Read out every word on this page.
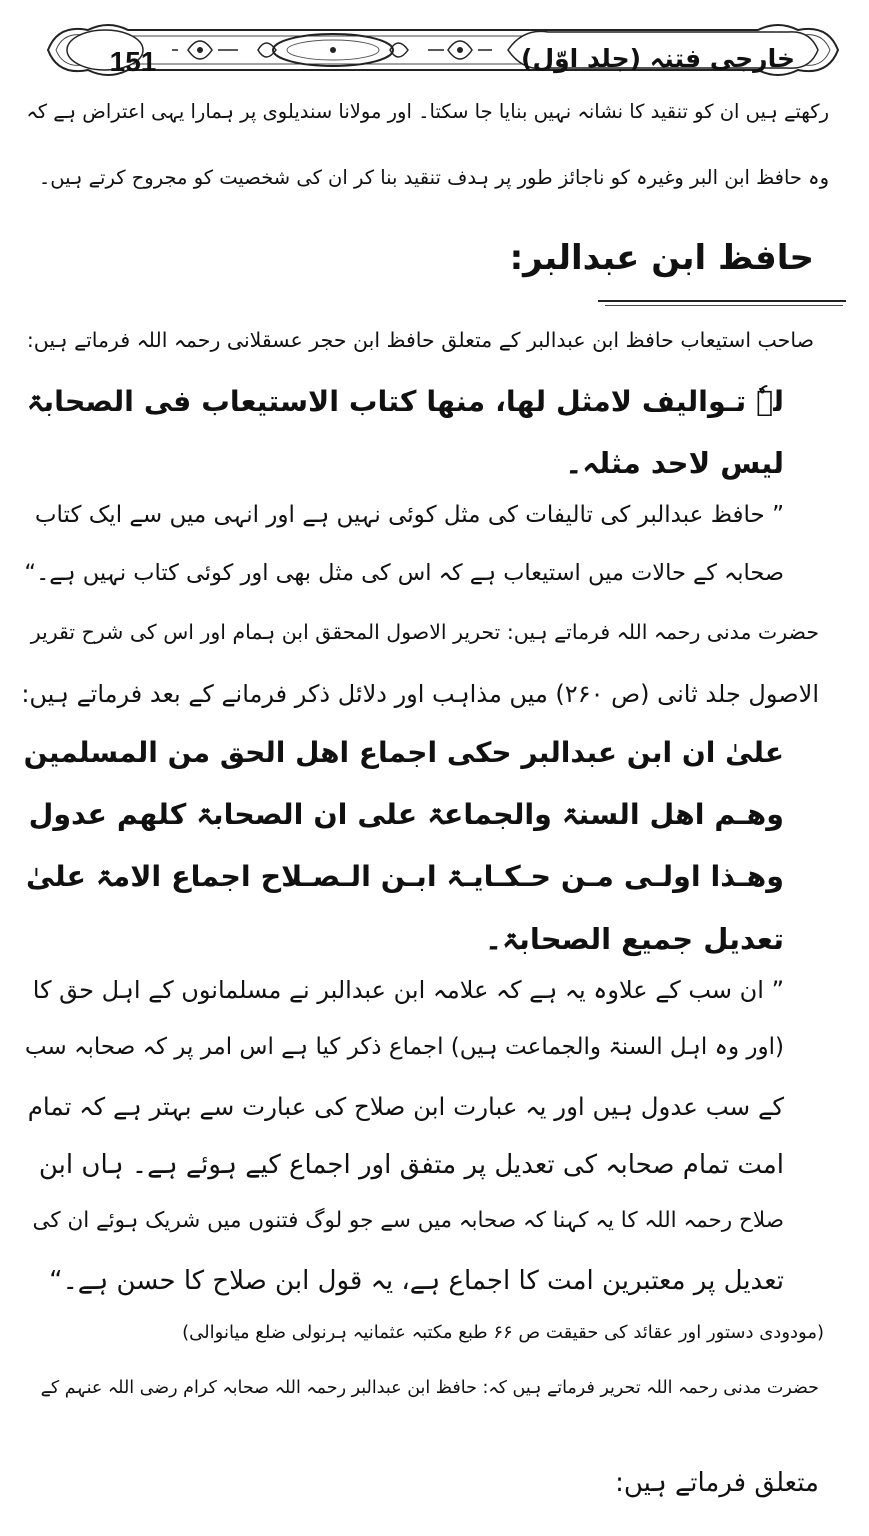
151	خارجی فتنہ (جلد اوّل)
رکھتے ہیں ان کو تنقید کا نشانہ نہیں بنایا جا سکتا۔ اور مولانا سندیلوی پر ہمارا یہی اعتراض ہے کہ
وہ حافظ ابن البر وغیرہ کو ناجائز طور پر ہدف تنقید بنا کر ان کی شخصیت کو مجروح کرتے ہیں۔
حافظ ابن عبدالبر:
صاحب استیعاب حافظ ابن عبدالبر کے متعلق حافظ ابن حجر عسقلانی رحمہ اللہ فرماتے ہیں:
لہٗ تـوالیف لامثل لھا، منھا کتاب الاستیعاب فی الصحابۃ
لیس لاحد مثلہ۔
” حافظ عبدالبر کی تالیفات کی مثل کوئی نہیں ہے اور انہی میں سے ایک کتاب
صحابہ کے حالات میں استیعاب ہے کہ اس کی مثل بھی اور کوئی کتاب نہیں ہے۔“
حضرت مدنی رحمہ اللہ فرماتے ہیں: تحریر الاصول المحقق ابن ہمام اور اس کی شرح تقریر
الاصول جلد ثانی (ص ۲۶۰) میں مذاہب اور دلائل ذکر فرمانے کے بعد فرماتے ہیں:
علیٰ ان ابن عبدالبر حکی اجماع اھل الحق من المسلمین
وھـم اھل السنۃ والجماعۃ علی ان الصحابۃ کلھم عدول
وھـذا اولـی مـن حـکـایـۃ ابـن الـصـلاح اجماع الامۃ علیٰ
تعدیل جمیع الصحابۃ۔
” ان سب کے علاوہ یہ ہے کہ علامہ ابن عبدالبر نے مسلمانوں کے اہل حق کا
(اور وہ اہل السنۃ والجماعت ہیں) اجماع ذکر کیا ہے اس امر پر کہ صحابہ سب
کے سب عدول ہیں اور یہ عبارت ابن صلاح کی عبارت سے بہتر ہے کہ تمام
امت تمام صحابہ کی تعدیل پر متفق اور اجماع کیے ہوئے ہے۔ ہاں ابن
صلاح رحمہ اللہ کا یہ کہنا کہ صحابہ میں سے جو لوگ فتنوں میں شریک ہوئے ان کی
تعدیل پر معتبرین امت کا اجماع ہے، یہ قول ابن صلاح کا حسن ہے۔“
(مودودی دستور اور عقائد کی حقیقت ص ۶۶ طبع مکتبہ عثمانیہ ہرنولی ضلع میانوالی)
حضرت مدنی رحمہ اللہ تحریر فرماتے ہیں کہ: حافظ ابن عبدالبر رحمہ اللہ صحابہ کرام رضی اللہ عنہم کے
متعلق فرماتے ہیں:
